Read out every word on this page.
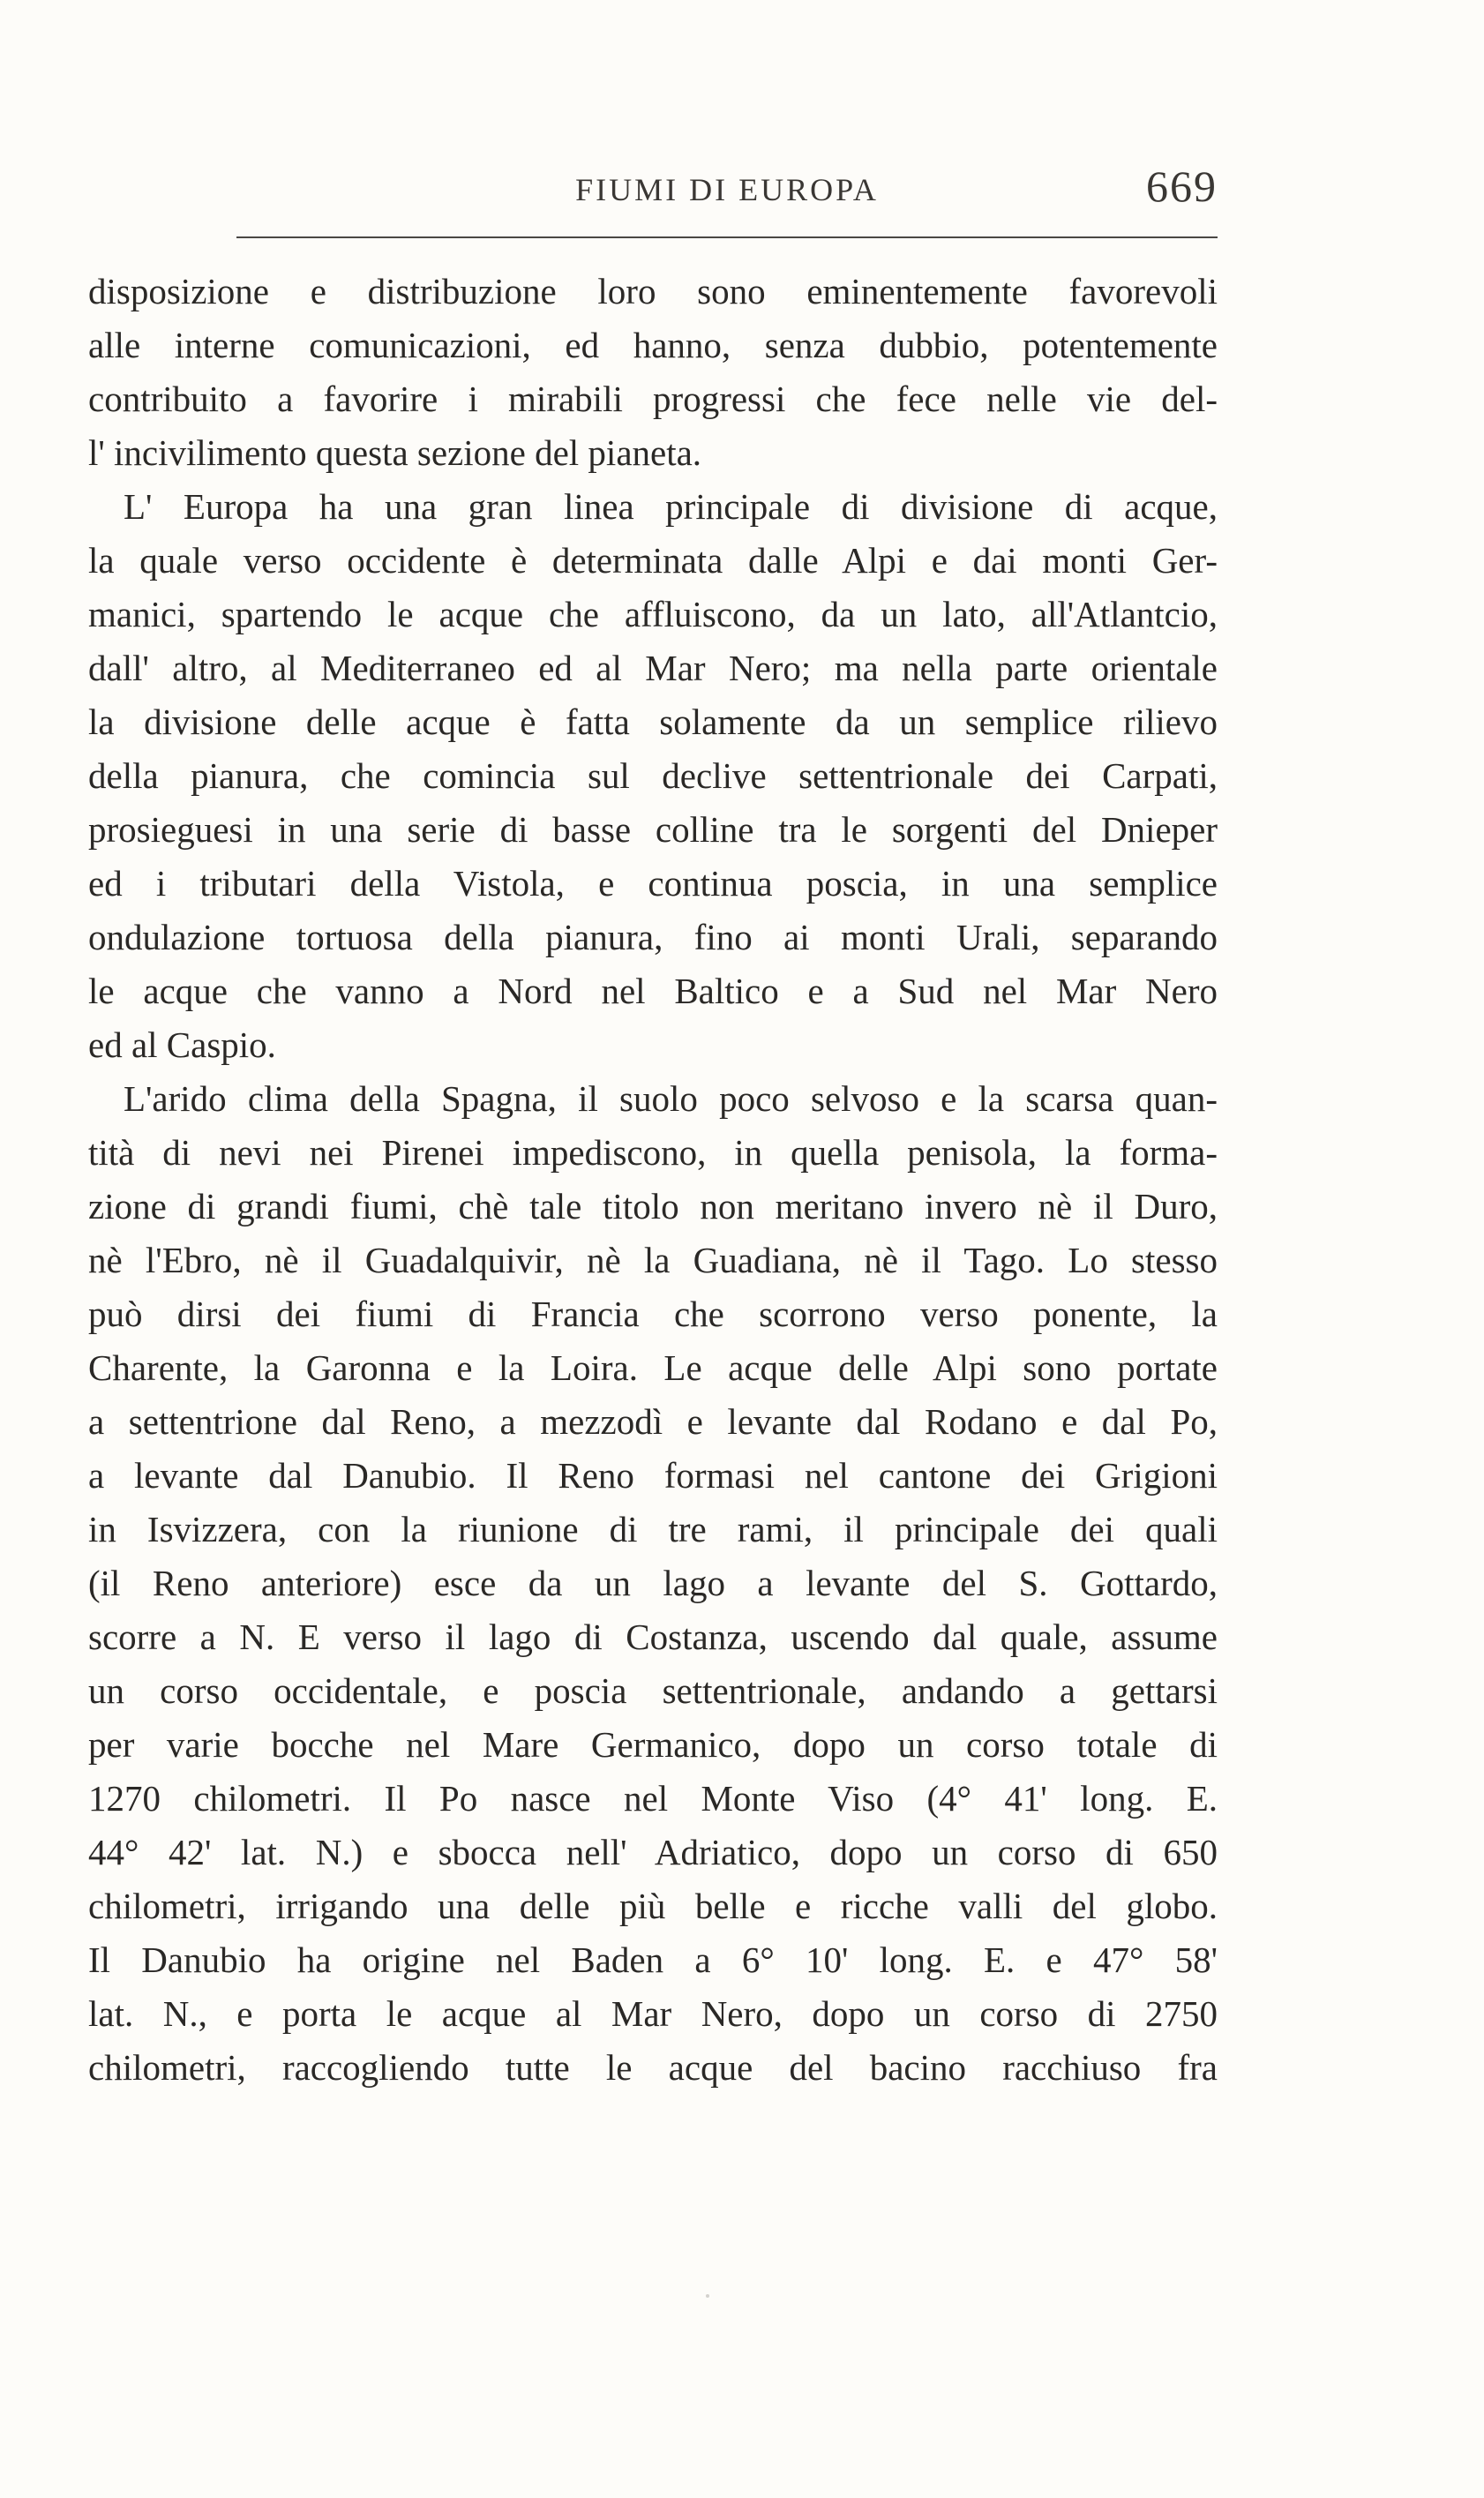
FIUMI DI EUROPA	669
disposizione e distribuzione loro sono eminentemente favorevoli
alle interne comunicazioni, ed hanno, senza dubbio, potentemente
contribuito a favorire i mirabili progressi che fece nelle vie del-
l' incivilimento questa sezione del pianeta.
L' Europa ha una gran linea principale di divisione di acque,
la quale verso occidente è determinata dalle Alpi e dai monti Ger-
manici, spartendo le acque che affluiscono, da un lato, all'Atlantcio,
dall' altro, al Mediterraneo ed al Mar Nero; ma nella parte orientale
la divisione delle acque è fatta solamente da un semplice rilievo
della pianura, che comincia sul declive settentrionale dei Carpati,
prosieguesi in una serie di basse colline tra le sorgenti del Dnieper
ed i tributari della Vistola, e continua poscia, in una semplice
ondulazione tortuosa della pianura, fino ai monti Urali, separando
le acque che vanno a Nord nel Baltico e a Sud nel Mar Nero
ed al Caspio.
L'arido clima della Spagna, il suolo poco selvoso e la scarsa quan-
tità di nevi nei Pirenei impediscono, in quella penisola, la forma-
zione di grandi fiumi, chè tale titolo non meritano invero nè il Duro,
nè l'Ebro, nè il Guadalquivir, nè la Guadiana, nè il Tago. Lo stesso
può dirsi dei fiumi di Francia che scorrono verso ponente, la
Charente, la Garonna e la Loira. Le acque delle Alpi sono portate
a settentrione dal Reno, a mezzodì e levante dal Rodano e dal Po,
a levante dal Danubio. Il Reno formasi nel cantone dei Grigioni
in Isvizzera, con la riunione di tre rami, il principale dei quali
(il Reno anteriore) esce da un lago a levante del S. Gottardo,
scorre a N. E verso il lago di Costanza, uscendo dal quale, assume
un corso occidentale, e poscia settentrionale, andando a gettarsi
per varie bocche nel Mare Germanico, dopo un corso totale di
1270 chilometri. Il Po nasce nel Monte Viso (4° 41' long. E.
44° 42' lat. N.) e sbocca nell' Adriatico, dopo un corso di 650
chilometri, irrigando una delle più belle e ricche valli del globo.
Il Danubio ha origine nel Baden a 6° 10' long. E. e 47° 58'
lat. N., e porta le acque al Mar Nero, dopo un corso di 2750
chilometri, raccogliendo tutte le acque del bacino racchiuso fra
